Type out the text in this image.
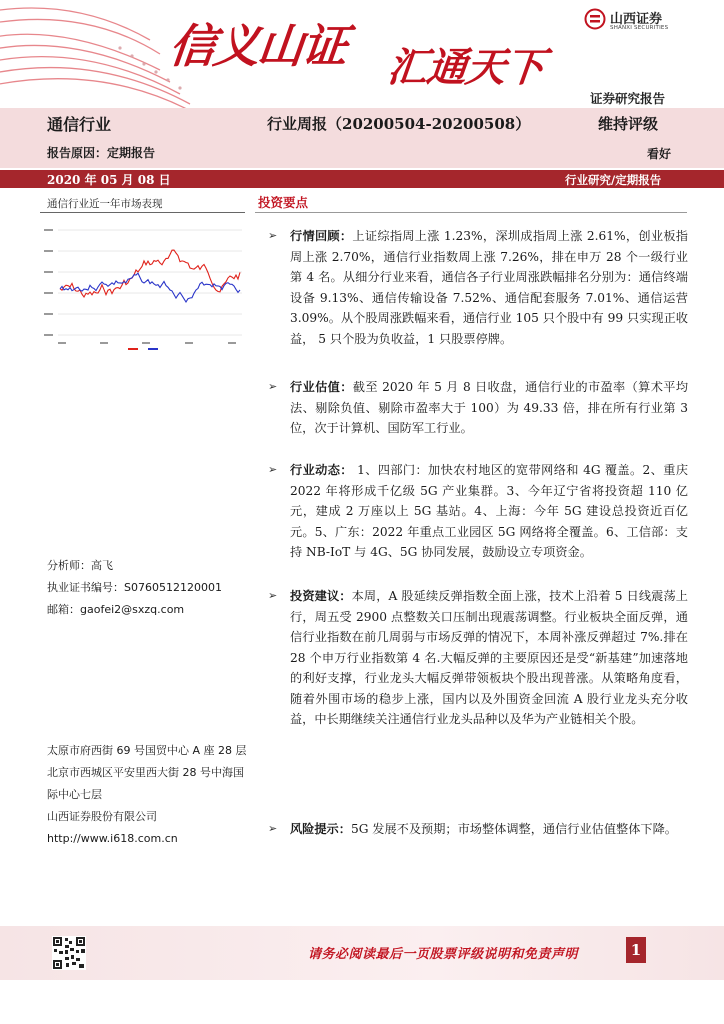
信义山证 汇通天下
山西证券
SHANXI SECURITIES
证券研究报告
通信行业	行业周报（20200504-20200508）	维持评级
报告原因：定期报告	看好
2020 年 05 月 08 日	行业研究/定期报告
通信行业近一年市场表现
分析师：高飞
执业证书编号：S0760512120001
邮箱：gaofei2@sxzq.com
太原市府西街 69 号国贸中心 A 座 28 层
北京市西城区平安里西大街 28 号中海国
际中心七层
山西证券股份有限公司
http://www.i618.com.cn
投资要点
➢ 行情回顾：上证综指周上涨 1.23%，深圳成指周上涨 2.61%，创业板指周上涨 2.70%，通信行业指数周上涨 7.26%，排在申万 28 个一级行业第 4 名。从细分行业来看，通信各子行业周涨跌幅排名分别为：通信终端设备 9.13%、通信传输设备 7.52%、通信配套服务 7.01%、通信运营 3.09%。从个股周涨跌幅来看，通信行业 105 只个股中有 99 只实现正收益， 5 只个股为负收益，1 只股票停牌。
➢ 行业估值：截至 2020 年 5 月 8 日收盘，通信行业的市盈率（算术平均法、剔除负值、剔除市盈率大于 100）为 49.33 倍，排在所有行业第 3 位，次于计算机、国防军工行业。
➢ 行业动态： 1、四部门：加快农村地区的宽带网络和 4G 覆盖。2、重庆 2022 年将形成千亿级 5G 产业集群。3、今年辽宁省将投资超 110 亿元，建成 2 万座以上 5G 基站。4、上海：今年 5G 建设总投资近百亿元。5、广东：2022 年重点工业园区 5G 网络将全覆盖。6、工信部：支持 NB-IoT 与 4G、5G 协同发展，鼓励设立专项资金。
➢ 投资建议：本周，A 股延续反弹指数全面上涨，技术上沿着 5 日线震荡上行，周五受 2900 点整数关口压制出现震荡调整。行业板块全面反弹，通信行业指数在前几周弱与市场反弹的情况下，本周补涨反弹超过 7%.排在 28 个申万行业指数第 4 名.大幅反弹的主要原因还是受“新基建”加速落地的利好支撑，行业龙头大幅反弹带领板块个股出现普涨。从策略角度看，随着外围市场的稳步上涨，国内以及外围资金回流 A 股行业龙头充分收益，中长期继续关注通信行业龙头品种以及华为产业链相关个股。
➢ 风险提示：5G 发展不及预期；市场整体调整，通信行业估值整体下降。
请务必阅读最后一页股票评级说明和免责声明	1
